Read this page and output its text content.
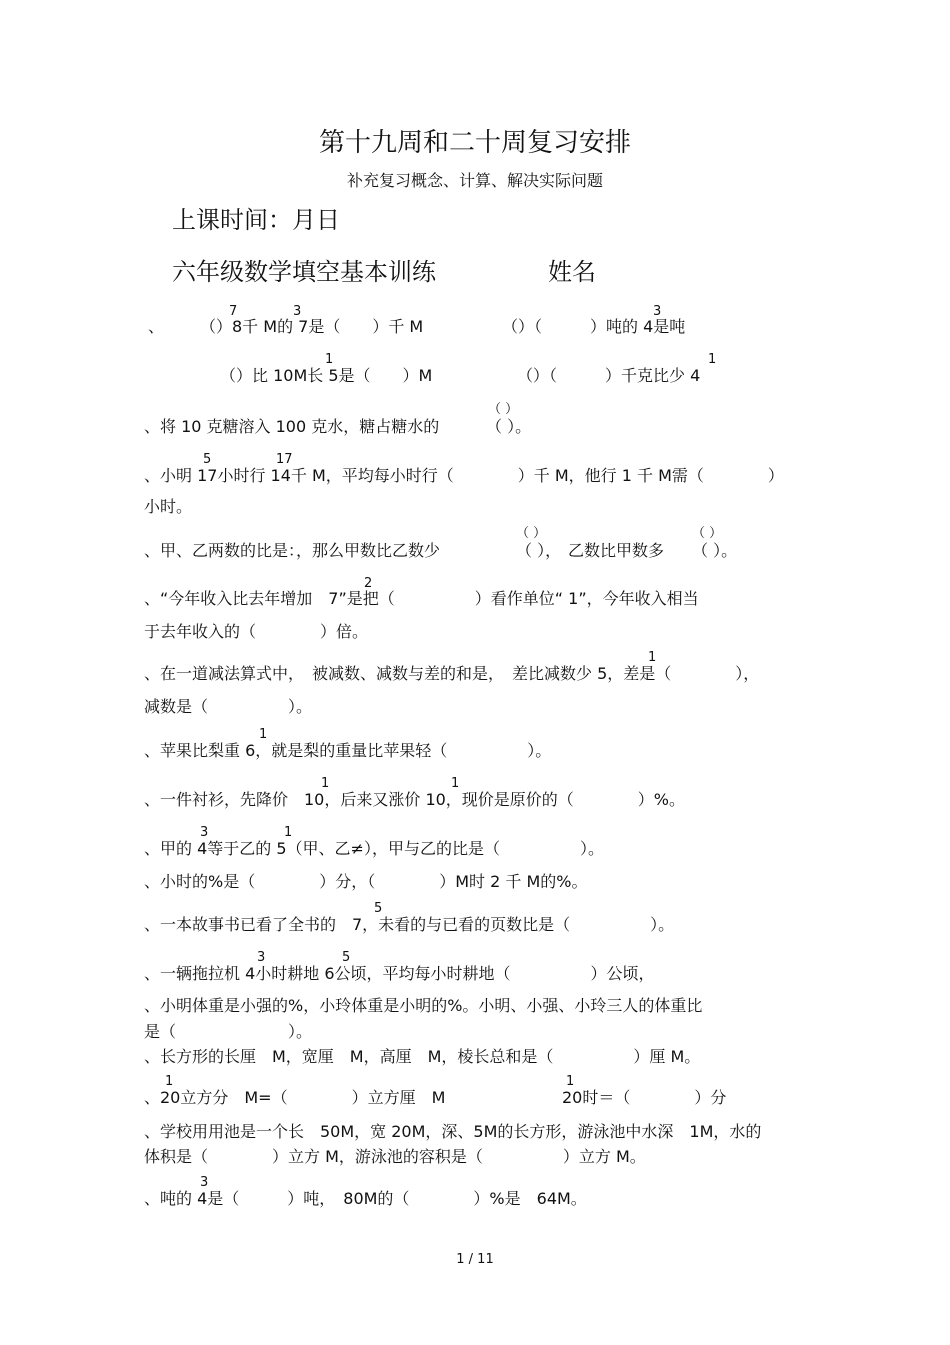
第十九周和二十周复习安排
补充复习概念、计算、解决实际问题
上课时间：月日
六年级数学填空基本训练	姓名
、
7	3
（）8千 M的 7是（　　）千 M
3
（）（　　　）吨的 4是吨
1
（）比 10M长 5是（　　）M
1
（）（　　　）千克比少 4
、将 10 克糖溶入 100 克水，糖占糖水的
（ ）
（ ）。
5	17
、小明 17小时行 14千 M，平均每小时行（　　　　）千 M，他行 1 千 M需（　　　　）
小时。
、甲、乙两数的比是：，那么甲数比乙数少
（ ）
（ ）， 乙数比甲数多
（ ）
（ ）。
2
、“今年收入比去年增加　7”是把（　　　　　）看作单位“ 1”，今年收入相当
于去年收入的（　　　　）倍。
1
、在一道减法算式中，　被减数、减数与差的和是，　差比减数少 5，差是（　　　　），
减数是（　　　　　）。
1
、苹果比梨重 6，就是梨的重量比苹果轻（　　　　　）。
1	1
、一件衬衫，先降价　10，后来又涨价 10，现价是原价的（　　　　）%。
3	1
、甲的 4等于乙的 5（甲、乙≠），甲与乙的比是（　　　　　）。
、小时的%是（　　　　）分，（　　　　）M时 2 千 M的%。
5
、一本故事书已看了全书的　7，未看的与已看的页数比是（　　　　　）。
3	5
、一辆拖拉机 4小时耕地 6公顷，平均每小时耕地（　　　　　）公顷，
、小明体重是小强的%，小玲体重是小明的%。小明、小强、小玲三人的体重比
是（　　　　　　　）。
、长方形的长厘　M，宽厘　M，高厘　M，棱长总和是（　　　　　）厘 M。
1
、20立方分　M=（　　　　）立方厘　M
1
20时＝（　　　　）分
、学校用用池是一个长　50M，宽 20M，深、5M的长方形，游泳池中水深　1M，水的
体积是（　　　　）立方 M，游泳池的容积是（　　　　　）立方 M。
3
、吨的 4是（　　　）吨，　80M的（　　　　）%是　64M。
1 / 11
